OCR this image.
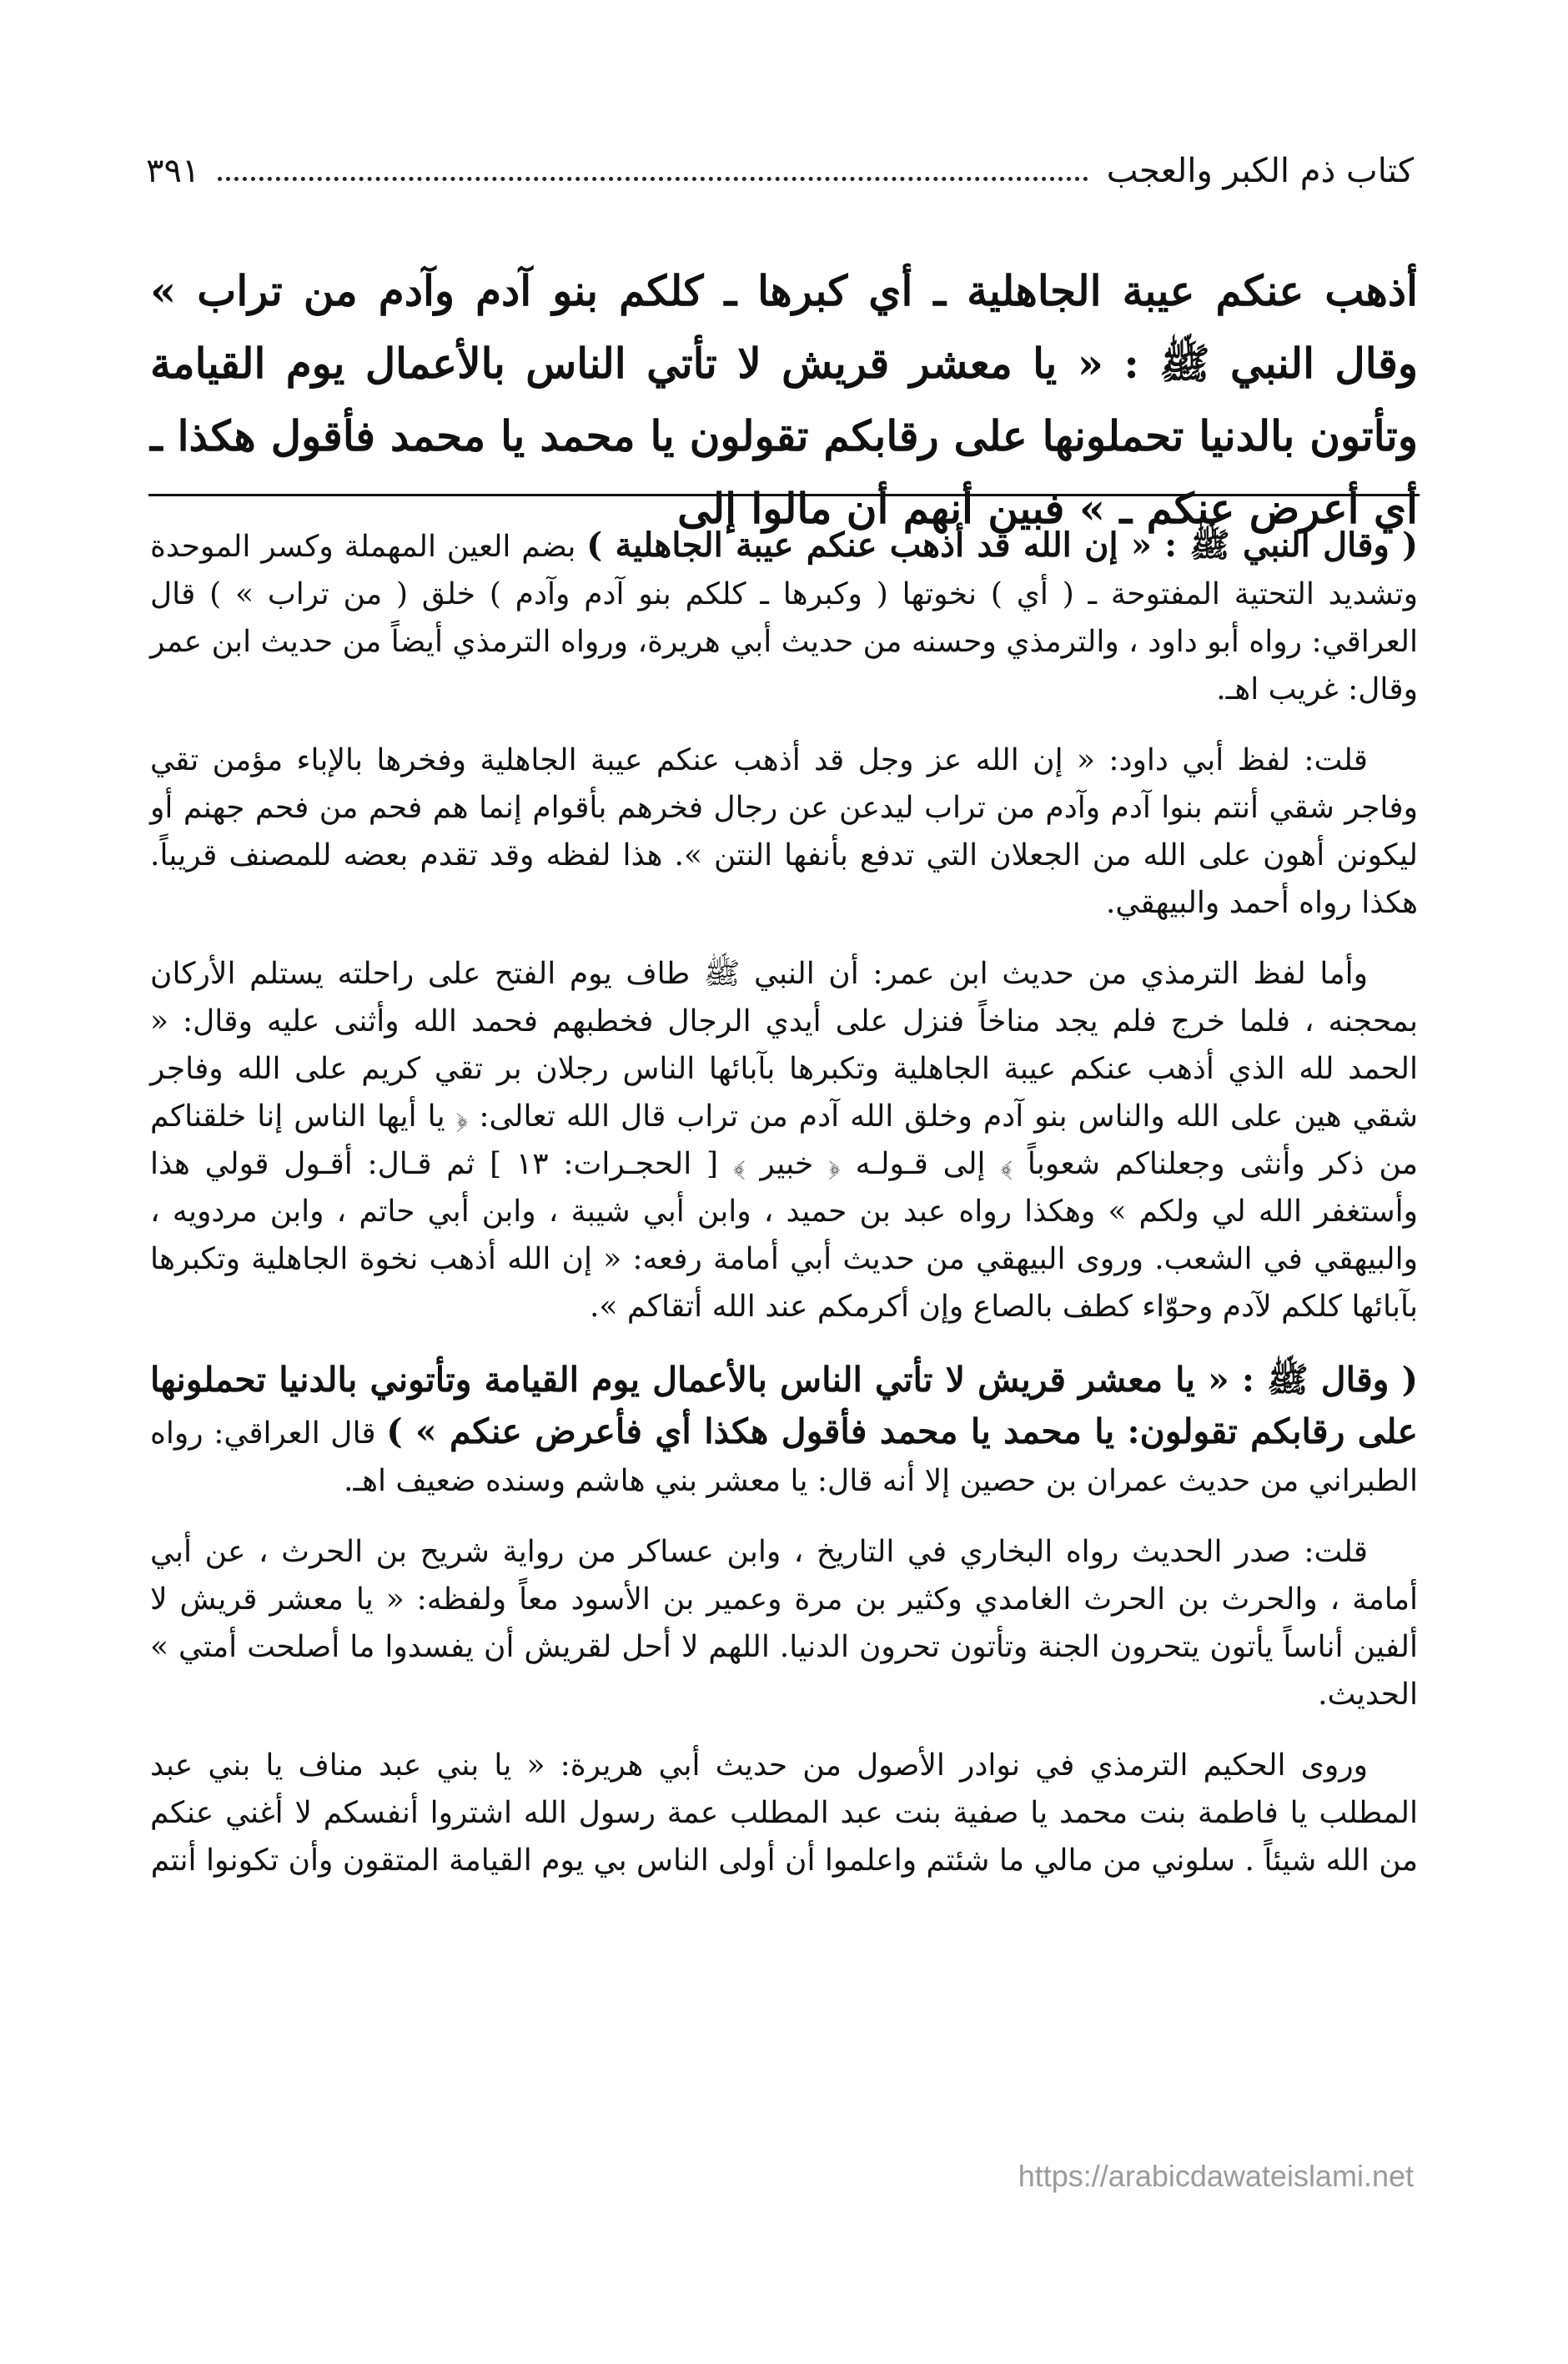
كتاب ذم الكبر والعجب
٣٩١
أذهب عنكم عيبة الجاهلية ـ أي كبرها ـ كلكم بنو آدم وآدم من تراب » وقال النبي ﷺ : « يا معشر قريش لا تأتي الناس بالأعمال يوم القيامة وتأتون بالدنيا تحملونها على رقابكم تقولون يا محمد يا محمد فأقول هكذا ـ أي أعرض عنكم ـ » فبين أنهم أن مالوا إلى

( وقال النبي ﷺ : « إن الله قد أذهب عنكم عيبة الجاهلية ) بضم العين المهملة وكسر الموحدة وتشديد التحتية المفتوحة ـ ( أي ) نخوتها ( وكبرها ـ كلكم بنو آدم وآدم ) خلق ( من تراب » ) قال العراقي: رواه أبو داود ، والترمذي وحسنه من حديث أبي هريرة، ورواه الترمذي أيضاً من حديث ابن عمر وقال: غريب اهـ.

قلت: لفظ أبي داود: « إن الله عز وجل قد أذهب عنكم عيبة الجاهلية وفخرها بالإباء مؤمن تقي وفاجر شقي أنتم بنوا آدم وآدم من تراب ليدعن عن رجال فخرهم بأقوام إنما هم فحم من فحم جهنم أو ليكونن أهون على الله من الجعلان التي تدفع بأنفها النتن ». هذا لفظه وقد تقدم بعضه للمصنف قريباً. هكذا رواه أحمد والبيهقي.

وأما لفظ الترمذي من حديث ابن عمر: أن النبي ﷺ طاف يوم الفتح على راحلته يستلم الأركان بمحجنه ، فلما خرج فلم يجد مناخاً فنزل على أيدي الرجال فخطبهم فحمد الله وأثنى عليه وقال: « الحمد لله الذي أذهب عنكم عيبة الجاهلية وتكبرها بآبائها الناس رجلان بر تقي كريم على الله وفاجر شقي هين على الله والناس بنو آدم وخلق الله آدم من تراب قال الله تعالى: ﴿ يا أيها الناس إنا خلقناكم من ذكر وأنثى وجعلناكم شعوباً ﴾ إلى قـولـه ﴿ خبير ﴾ [ الحجـرات: ١٣ ] ثم قـال: أقـول قولي هذا وأستغفر الله لي ولكم » وهكذا رواه عبد بن حميد ، وابن أبي شيبة ، وابن أبي حاتم ، وابن مردويه ، والبيهقي في الشعب. وروى البيهقي من حديث أبي أمامة رفعه: « إن الله أذهب نخوة الجاهلية وتكبرها بآبائها كلكم لآدم وحوّاء كطف بالصاع وإن أكرمكم عند الله أتقاكم ».

( وقال ﷺ : « يا معشر قريش لا تأتي الناس بالأعمال يوم القيامة وتأتوني بالدنيا تحملونها على رقابكم تقولون: يا محمد يا محمد فأقول هكذا أي فأعرض عنكم » ) قال العراقي: رواه الطبراني من حديث عمران بن حصين إلا أنه قال: يا معشر بني هاشم وسنده ضعيف اهـ.

قلت: صدر الحديث رواه البخاري في التاريخ ، وابن عساكر من رواية شريح بن الحرث ، عن أبي أمامة ، والحرث بن الحرث الغامدي وكثير بن مرة وعمير بن الأسود معاً ولفظه: « يا معشر قريش لا ألفين أناساً يأتون يتحرون الجنة وتأتون تحرون الدنيا. اللهم لا أحل لقريش أن يفسدوا ما أصلحت أمتي » الحديث.

وروى الحكيم الترمذي في نوادر الأصول من حديث أبي هريرة: « يا بني عبد مناف يا بني عبد المطلب يا فاطمة بنت محمد يا صفية بنت عبد المطلب عمة رسول الله اشتروا أنفسكم لا أغني عنكم من الله شيئاً . سلوني من مالي ما شئتم واعلموا أن أولى الناس بي يوم القيامة المتقون وأن تكونوا أنتم

https://arabicdawateislami.net
